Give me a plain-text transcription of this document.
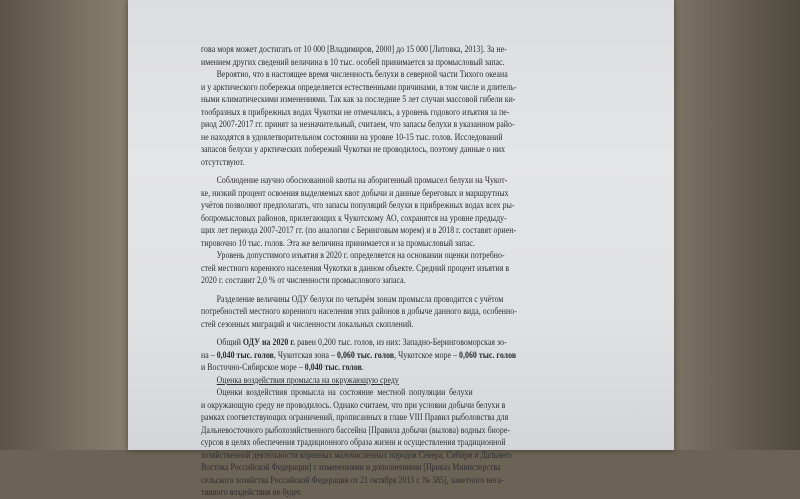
говa моря может достигать от 10 000 [Владимиров, 2000] до 15 000 [Литовка, 2013]. За не-

имением других сведений величина в 10 тыс. особей принимается за промысловый запас.

Вероятно, что в настоящее время численность белухи в северной части Тихого океана

и у арктического побережья определяется естественными причинами, в том числе и длитель-

ными климатическими изменениями. Так как за последние 5 лет случаи массовой гибели ки-

тообразных в прибрежных водах Чукотки не отмечались, а уровень годового изъятия за пе-

риод 2007-2017 гг. принят за незначительный, считаем, что запасы белухи в указанном райо-

не находятся в удовлетворительном состоянии на уровне 10-15 тыс. голов. Исследований

запасов белухи у арктических побережий Чукотки не проводилось, поэтому данные о них

отсутствуют.

Соблюдение научно обоснованной квоты на аборигенный промысел белухи на Чукот-

ке, низкий процент освоения выделяемых квот добычи и данные береговых и маршрутных

учётов позволяют предполагать, что запасы популяций белухи в прибрежных водах всех ры-

бопромысловых районов, прилегающих к Чукотскому АО, сохранятся на уровне предыду-

щих лет периода 2007-2017 гг. (по аналогии с Беринговым морем) и в 2018 г. составят ориен-

тировочно 10 тыс. голов. Эта же величина принимается и за промысловый запас.

Уровень допустимого изъятия в 2020 г. определяется на основании оценки потребно-

стей местного коренного населения Чукотки в данном объекте. Средний процент изъятия в

2020 г. составит 2,0 % от численности промыслового запаса.

Разделение величины ОДУ белухи по четырём зонам промысла проводится с учётом

потребностей местного коренного населения этих районов в добыче данного вида, особенно-

стей сезонных миграций и численности локальных скоплений.

Общий ОДУ на 2020 г. равен 0,200 тыс. голов, из них: Западно-Беринговоморская зо-

на – 0,040 тыс. голов, Чукотская зона – 0,060 тыс. голов, Чукотское море – 0,060 тыс. голов

и Восточно-Сибирское море – 0,040 тыс. голов.

Оценка воздействия промысла на окружающую среду

Оценки воздействия промысла на состояние местной популяции белухи

и окружающую среду не проводилось. Однако считаем, что при условии добычи белухи в

рамках соответствующих ограничений, прописанных в главе VIII Правил рыболовства для

Дальневосточного рыбохозяйственного бассейна [Правила добычи (вылова) водных биоре-

сурсов в целях обеспечения традиционного образа жизни и осуществления традиционной

хозяйственной деятельности коренных малочисленных народов Севера, Сибири и Дальнего

Востока Российской Федерации] с изменениями и дополнениями [Приказ Министерства

сельского хозяйства Российской Федерации от 21 октября 2013 г. № 385], заметного нега-

тивного воздействия не будет.
